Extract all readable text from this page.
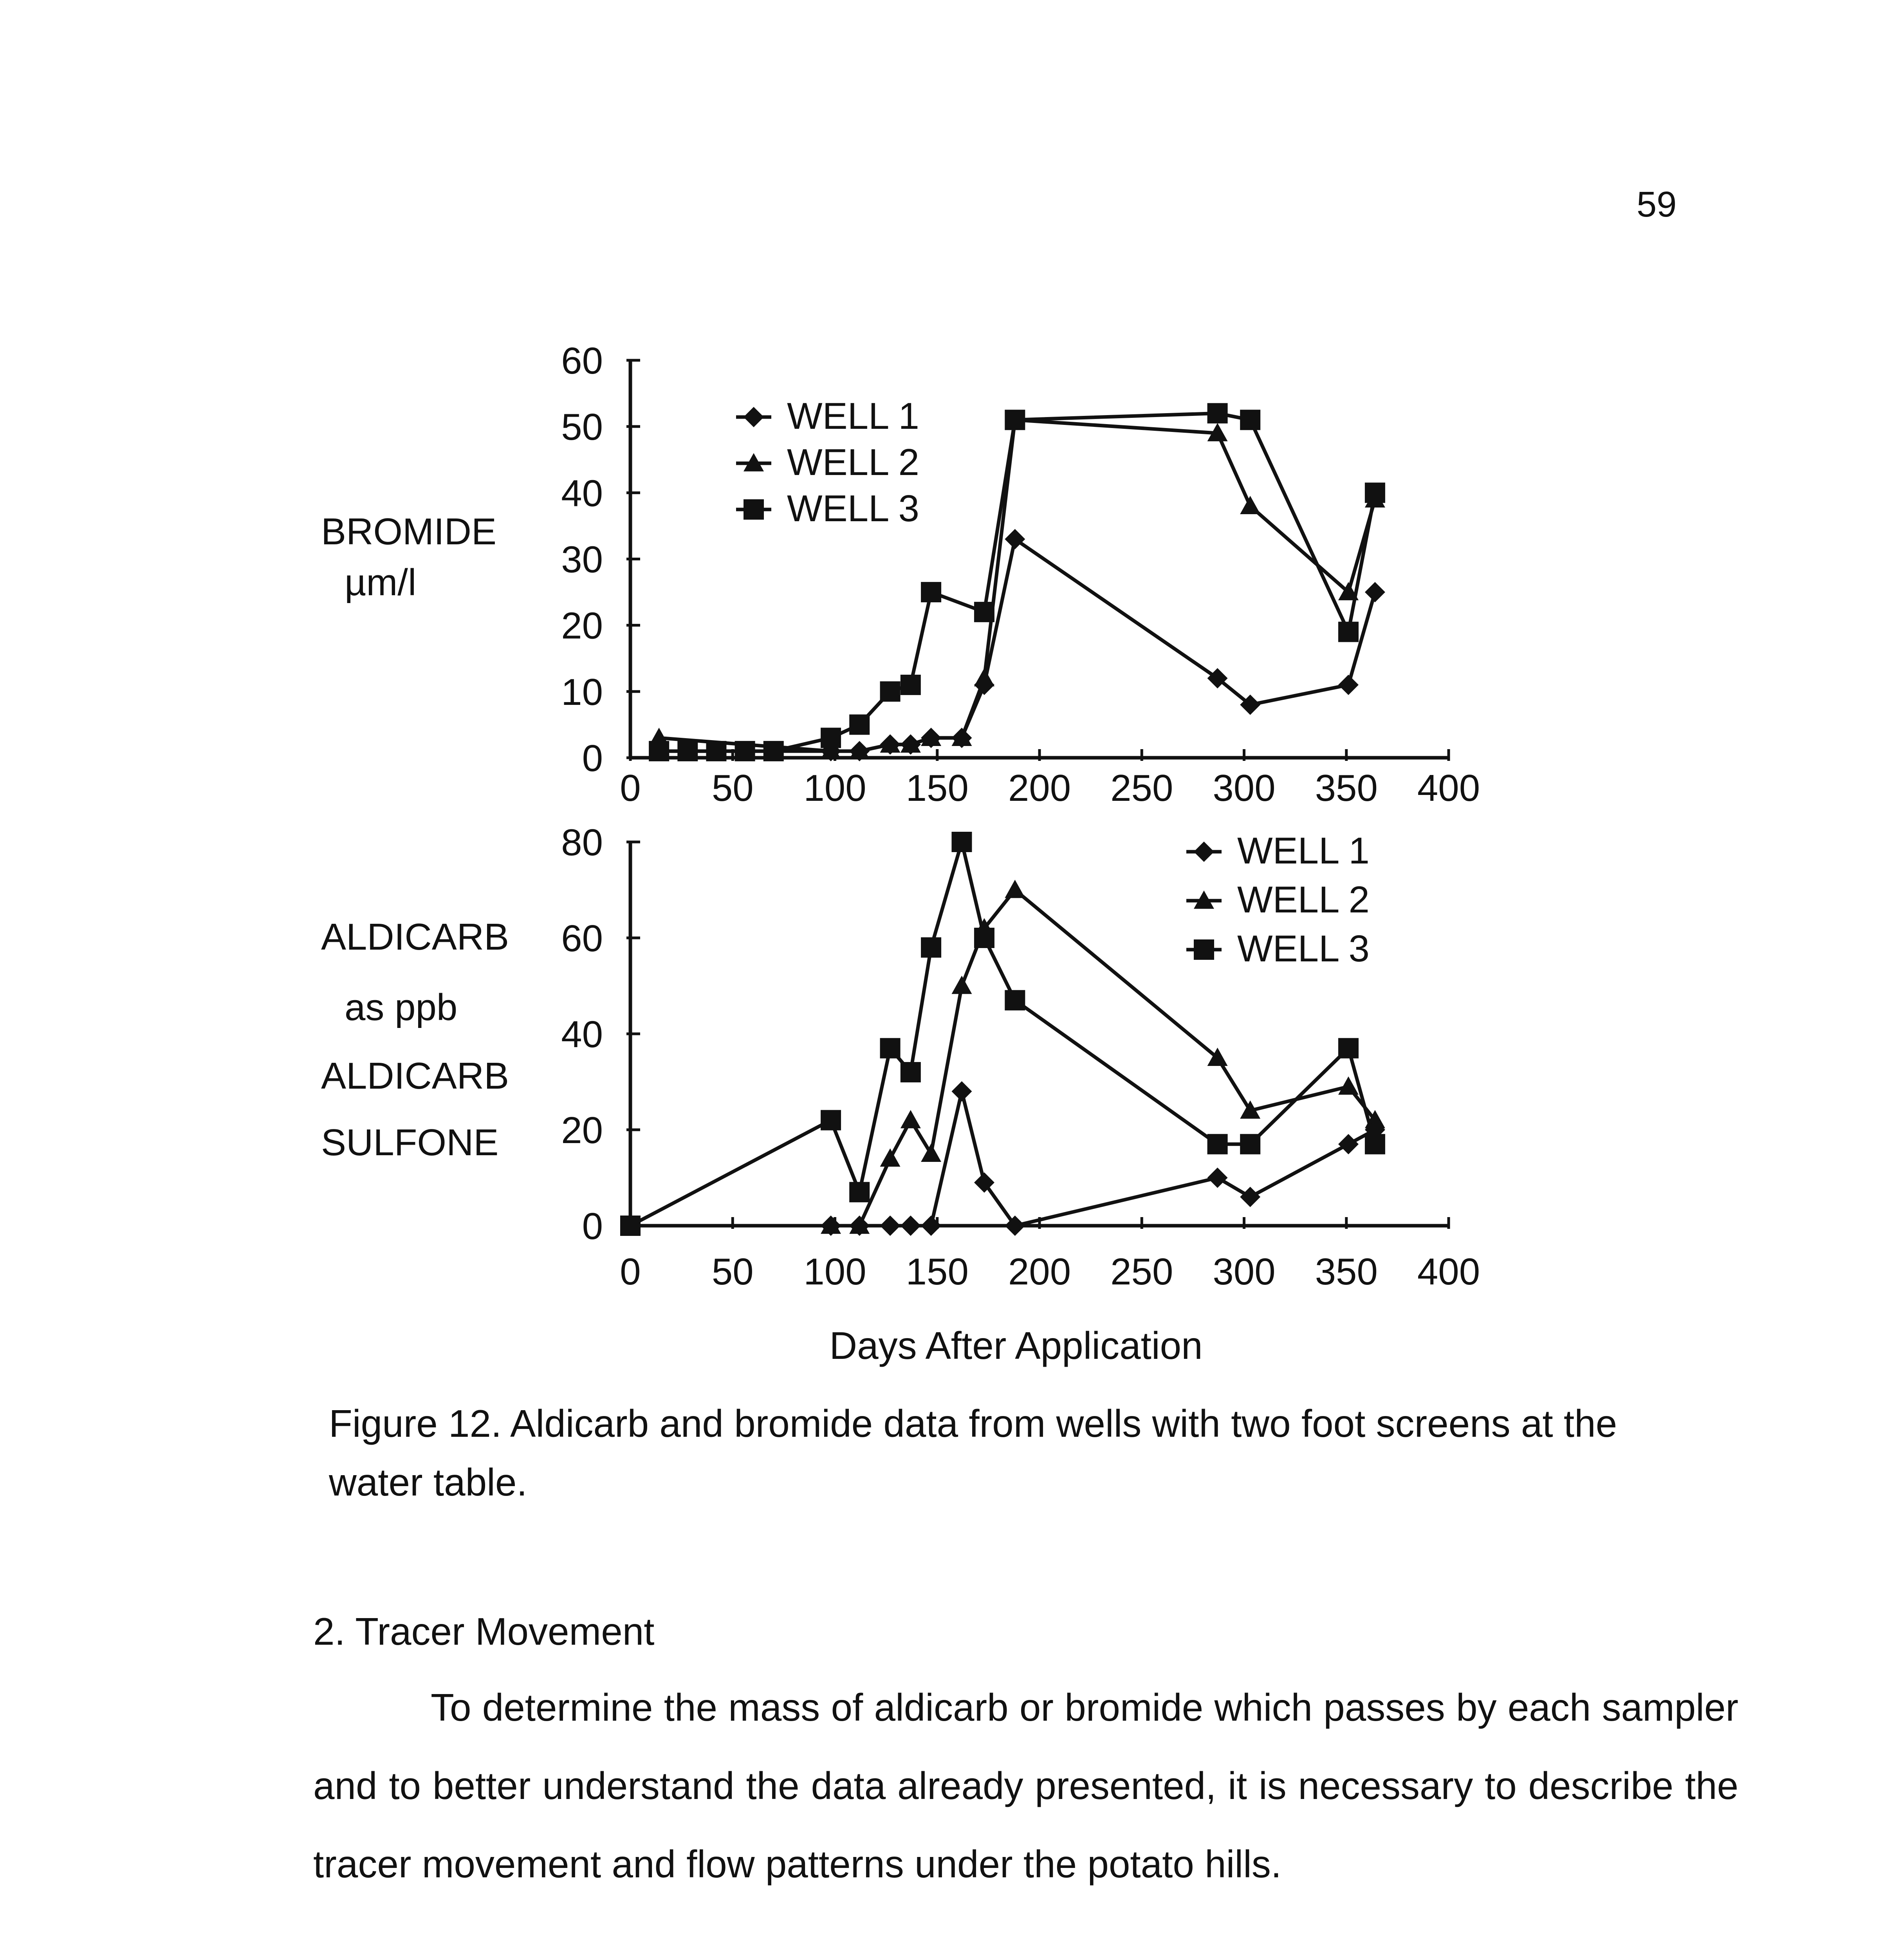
59
BROMIDE
µm/l
ALDICARB
as ppb
ALDICARB
SULFONE
0
10
20
30
40
50
60
0 50 100 150 200 250 300 350 400
WELL 1
WELL 2
WELL 3
0
20
40
60
80
0 50 100 150 200 250 300 350 400
Days After Application
WELL 1
WELL 2
WELL 3
Figure 12. Aldicarb and bromide data from wells with two foot screens at the water table.
2. Tracer Movement

To determine the mass of aldicarb or bromide which passes by each sampler and to better understand the data already presented, it is necessary to describe the tracer movement and flow patterns under the potato hills.
